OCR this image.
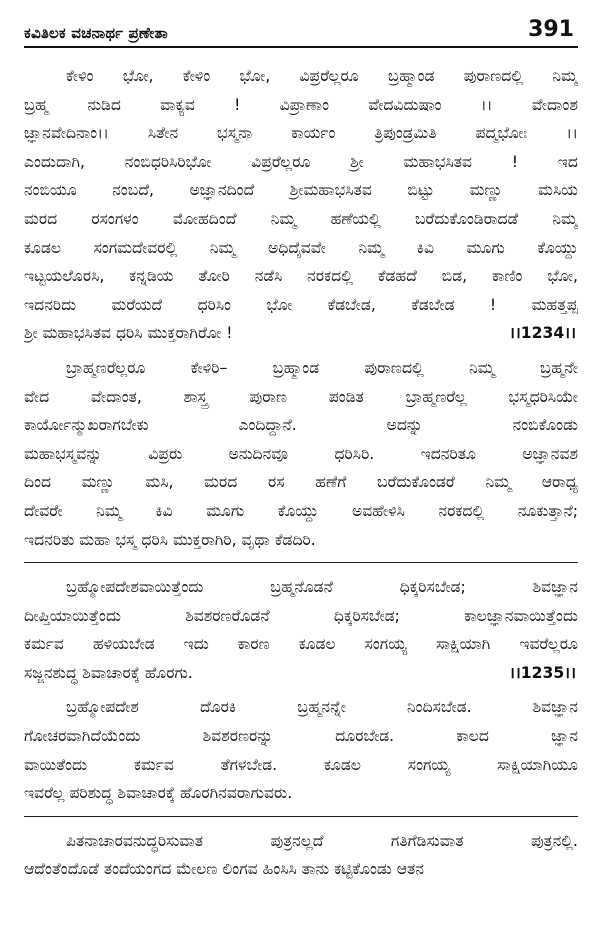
ಕವಿತಿಲಕ ವಚನಾರ್ಥ ಪ್ರಣೇತಾ	391
ಕೇಳಿಂ ಭೋ, ಕೇಳಿಂ ಭೋ, ವಿಪ್ರರೆಲ್ಲರೂ ಬ್ರಹ್ಮಾಂಡ ಪುರಾಣದಲ್ಲಿ ನಿಮ್ಮ
ಬ್ರಹ್ಮ ನುಡಿದ ವಾಕ್ಯವ ! ವಿಪ್ರಾಣಾಂ ವೇದವಿದುಷಾಂ ।। ವೇದಾಂಶ
ಜ್ಞಾನವೇದಿನಾಂ।। ಸಿತೇನ ಭಸ್ಮನಾ ಕಾರ್ಯಂ ತ್ರಿಪುಂಡ್ರಮಿತಿ ಪದ್ಮಭೋಃ ।।
ಎಂದುದಾಗಿ, ನಂಬಿಧರಿಸಿರಿಭೋ ವಿಪ್ರರೆಲ್ಲರೂ ಶ್ರೀ ಮಹಾಭಸಿತವ ! ಇದ
ನಂಬಿಯೂ ನಂಬದೆ, ಅಜ್ಞಾನದಿಂದೆ ಶ್ರೀಮಹಾಭಸಿತವ ಬಿಟ್ಟು ಮಣ್ಣು ಮಸಿಯ
ಮರದ ರಸಂಗಳಂ ಮೋಹದಿಂದೆ ನಿಮ್ಮ ಹಣೆಯಲ್ಲಿ ಬರೆದುಕೊಂಡಿರಾದಡೆ ನಿಮ್ಮ
ಕೂಡಲ ಸಂಗಮದೇವರಲ್ಲಿ ನಿಮ್ಮ ಅಧಿದೈವವೇ ನಿಮ್ಮ ಕಿವಿ ಮೂಗು ಕೊಯ್ದು
ಇಟ್ಟಯಲೊರಸಿ, ಕನ್ನಡಿಯ ತೋರಿ ನಡೆಸಿ ನರಕದಲ್ಲಿ ಕೆಡಹದೆ ಬಿಡ, ಕಾಣಿಂ ಭೋ,
ಇದನರಿದು ಮರೆಯದೆ ಧರಿಸಿಂ ಭೋ ಕೆಡಬೇಡ, ಕೆಡಬೇಡ ! ಮಹತ್ತಪ್ಪ
ಶ್ರೀ ಮಹಾಭಸಿತವ ಧರಿಸಿ ಮುಕ್ತರಾಗಿರೋ !	।।1234।।
ಬ್ರಾಹ್ಮಣರೆಲ್ಲರೂ ಕೇಳಿರಿ– ಬ್ರಹ್ಮಾಂಡ ಪುರಾಣದಲ್ಲಿ ನಿಮ್ಮ ಬ್ರಹ್ಮನೇ
ವೇದ ವೇದಾಂತ, ಶಾಸ್ತ್ರ ಪುರಾಣ ಪಂಡಿತ ಬ್ರಾಹ್ಮಣರೆಲ್ಲ ಭಸ್ಮಧರಿಸಿಯೇ
ಕಾರ್ಯೋನ್ಮುಖರಾಗಬೇಕು ಎಂದಿದ್ದಾನೆ. ಅದನ್ನು ನಂಬಿಕೊಂಡು
ಮಹಾಭಸ್ಮವನ್ನು ವಿಪ್ರರು ಅನುದಿನವೂ ಧರಿಸಿರಿ. ಇದನರಿತೂ ಅಜ್ಞಾನವಶ
ದಿಂದ ಮಣ್ಣು ಮಸಿ, ಮರದ ರಸ ಹಣೆಗೆ ಬರೆದುಕೊಂಡರೆ ನಿಮ್ಮ ಆರಾಧ್ಯ
ದೇವರೇ ನಿಮ್ಮ ಕಿವಿ ಮೂಗು ಕೊಯ್ದು ಅವಹೇಳಿಸಿ ನರಕದಲ್ಲಿ ನೂಕುತ್ತಾನೆ;
ಇದನರಿತು ಮಹಾ ಭಸ್ಮ ಧರಿಸಿ ಮುಕ್ತರಾಗಿರಿ, ವೃಥಾ ಕೆಡದಿರಿ.
ಬ್ರಹ್ಮೋಪದೇಶವಾಯಿತ್ತೆಂದು ಬ್ರಹ್ಮನೊಡನೆ ಧಿಕ್ಕರಿಸಬೇಡ; ಶಿವಜ್ಞಾನ
ದೀಪ್ತಿಯಾಯಿತ್ತೆಂದು ಶಿವಶರಣರೊಡನೆ ಧಿಕ್ಕರಿಸಬೇಡ; ಕಾಲಜ್ಞಾನವಾಯಿತ್ತೆಂದು
ಕರ್ಮವ ಹಳಿಯಬೇಡ ಇದು ಕಾರಣ ಕೂಡಲ ಸಂಗಯ್ಯ ಸಾಕ್ಷಿಯಾಗಿ ಇವರೆಲ್ಲರೂ
ಸಜ್ಜನಶುದ್ಧ ಶಿವಾಚಾರಕ್ಕೆ ಹೊರಗು.	।।1235।।
ಬ್ರಹ್ಮೋಪದೇಶ ದೊರಕಿ ಬ್ರಹ್ಮನನ್ನೇ ನಿಂದಿಸಬೇಡ. ಶಿವಜ್ಞಾನ
ಗೋಚರವಾಗಿದೆಯೆಂದು ಶಿವಶರಣರನ್ನು ದೂರಬೇಡ. ಕಾಲದ ಜ್ಞಾನ
ವಾಯಿತೆಂದು ಕರ್ಮವ ತೆಗಳಬೇಡ. ಕೂಡಲ ಸಂಗಯ್ಯ ಸಾಕ್ಷಿಯಾಗಿಯೂ
ಇವರೆಲ್ಲ ಪರಿಶುದ್ಧ ಶಿವಾಚಾರಕ್ಕೆ ಹೊರಗಿನವರಾಗುವರು.
ಪಿತನಾಚಾರವನುದ್ಧರಿಸುವಾತ ಪುತ್ರನಲ್ಲದೆ ಗತಿಗೆಡಿಸುವಾತ ಪುತ್ರನಲ್ಲಿ.
ಆದೆಂತೆಂದೊಡೆ ತಂದೆಯಂಗದ ಮೇಲಣ ಲಿಂಗವ ಹಿಂಸಿಸಿ ತಾನು ಕಟ್ಟಿಕೊಂಡು ಆತನ
